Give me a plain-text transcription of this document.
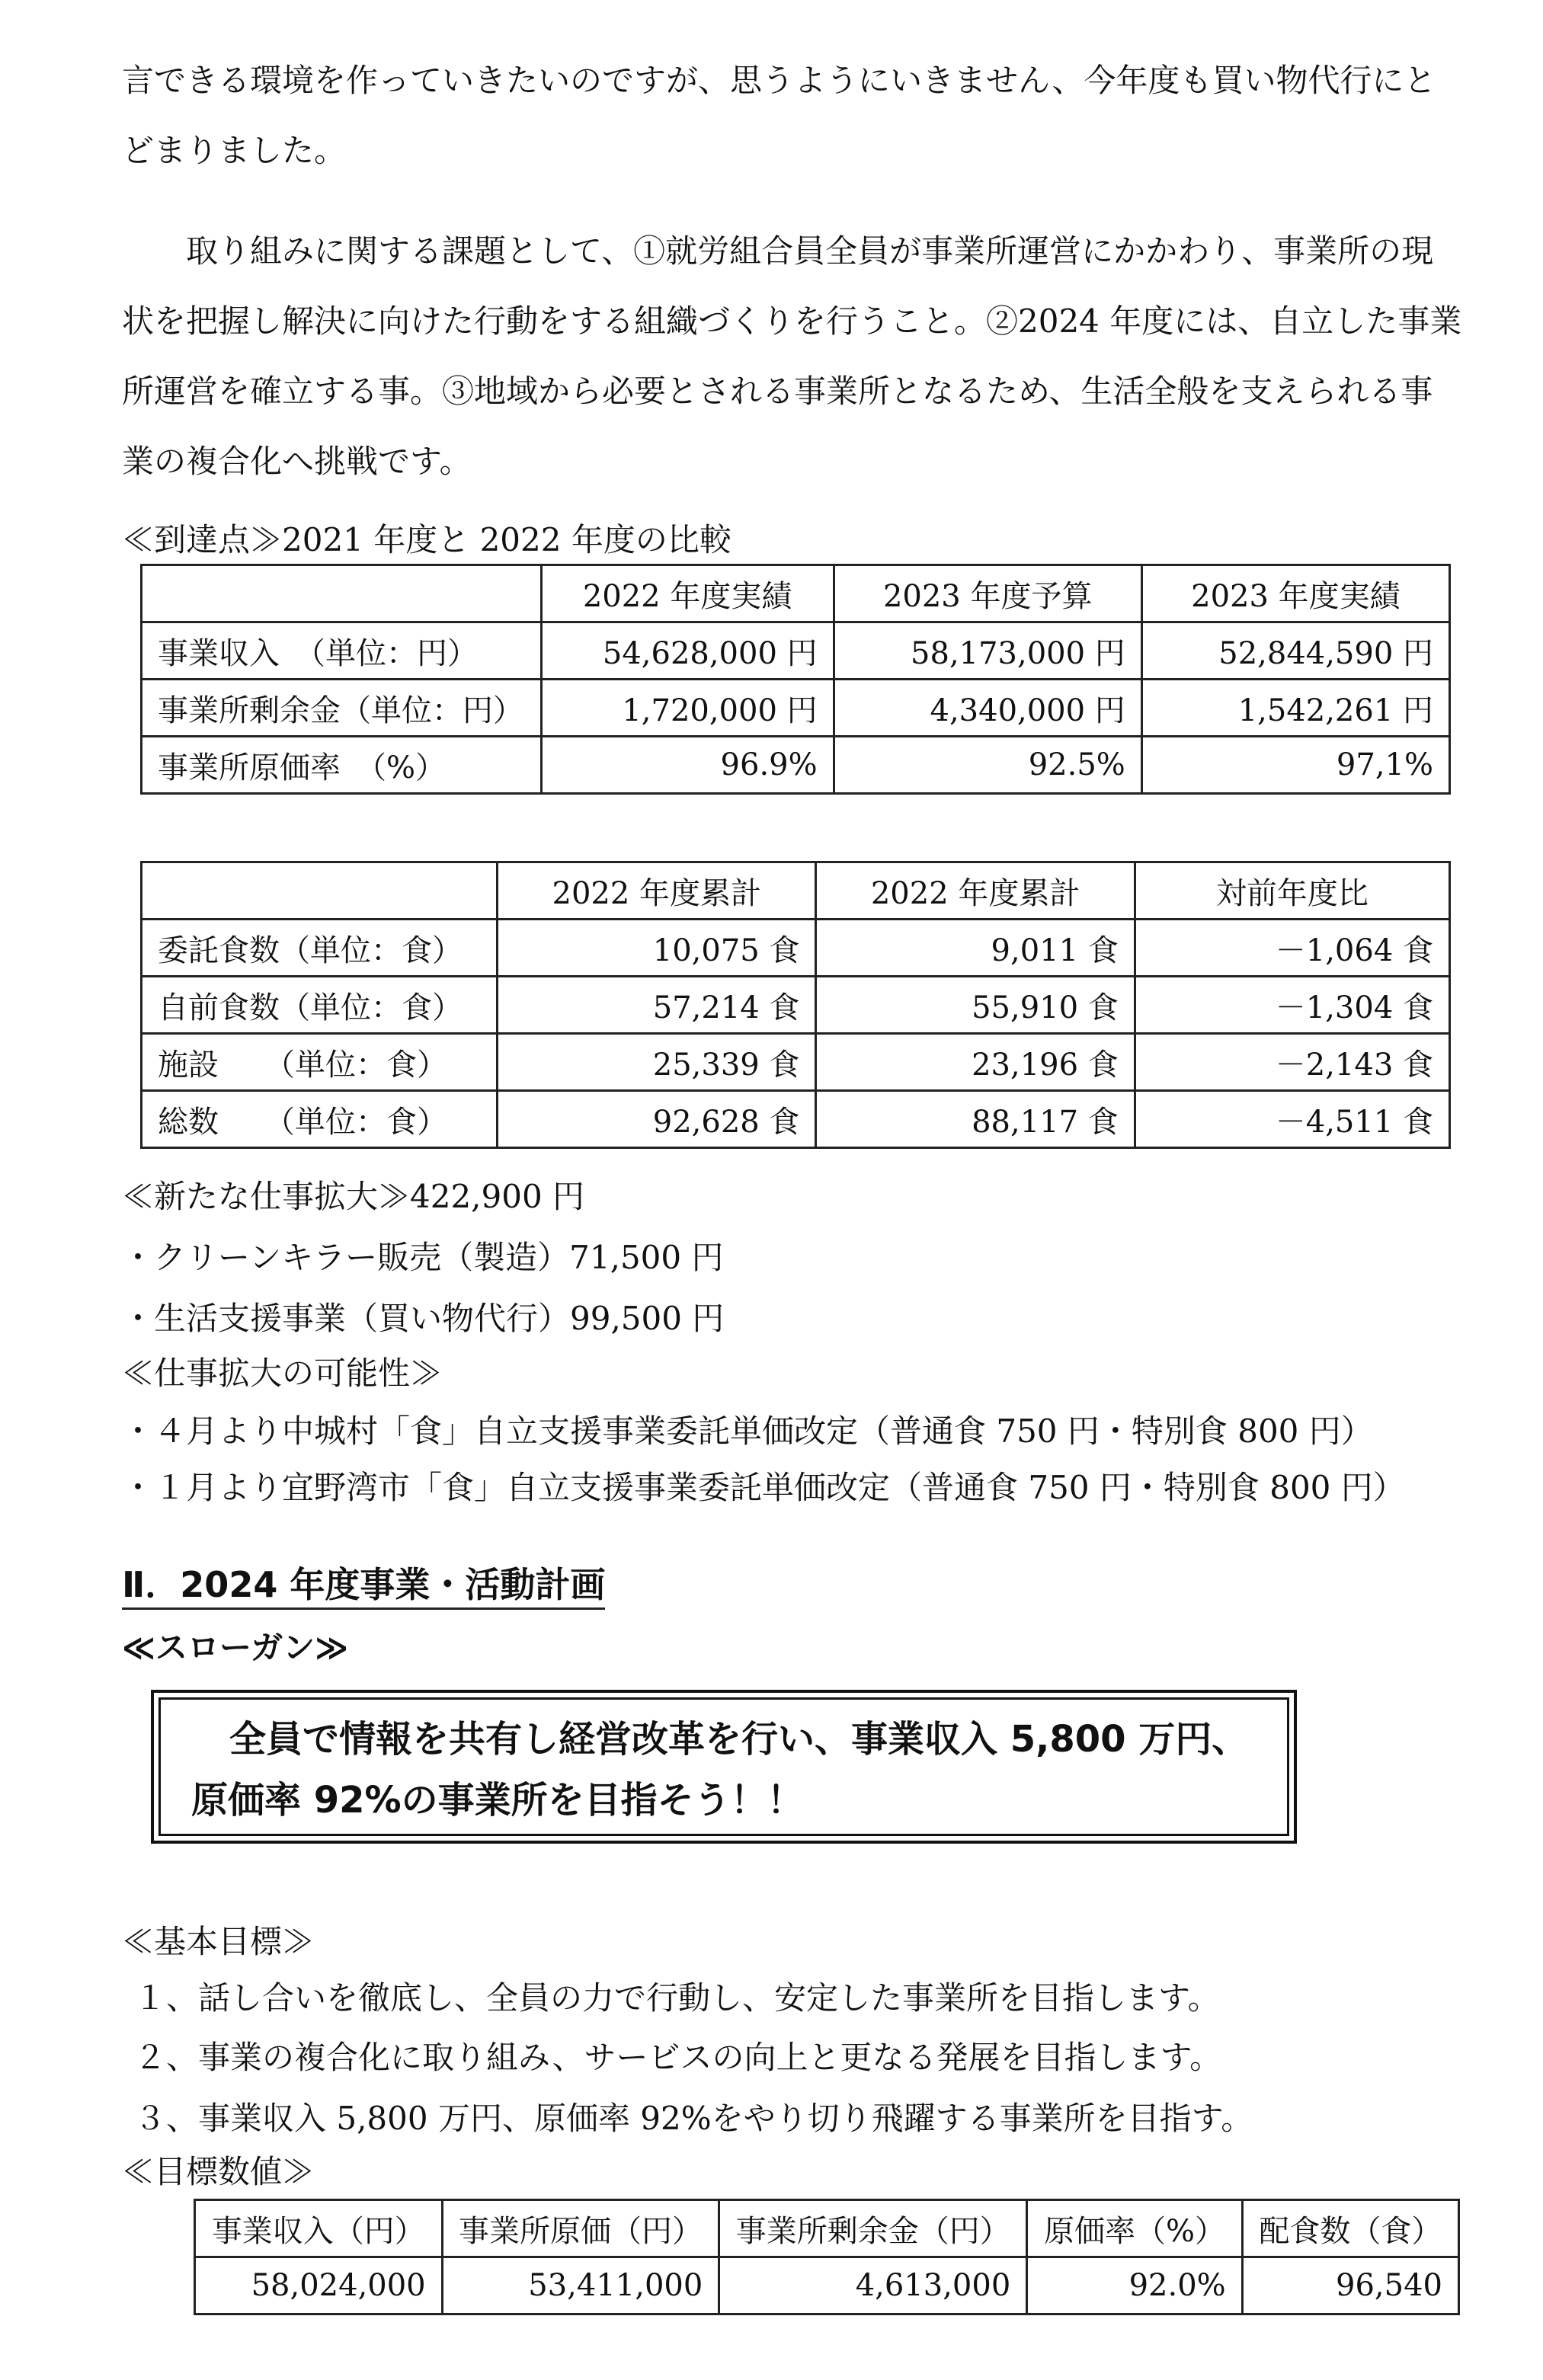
言できる環境を作っていきたいのですが、思うようにいきません、今年度も買い物代行にとどまりました。

取り組みに関する課題として、①就労組合員全員が事業所運営にかかわり、事業所の現状を把握し解決に向けた行動をする組織づくりを行うこと。②2024 年度には、自立した事業所運営を確立する事。③地域から必要とされる事業所となるため、生活全般を支えられる事業の複合化へ挑戦です。

≪到達点≫2021 年度と 2022 年度の比較
	2022 年度実績	2023 年度予算	2023 年度実績
事業収入　（単位：円）	54,628,000 円	58,173,000 円	52,844,590 円
事業所剰余金（単位：円）	1,720,000 円	4,340,000 円	1,542,261 円
事業所原価率　（%）	96.9%	92.5%	97,1%
	2022 年度累計	2022 年度累計	対前年度比
委託食数（単位：食）	10,075 食	9,011 食	－1,064 食
自前食数（単位：食）	57,214 食	55,910 食	－1,304 食
施設　　（単位：食）	25,339 食	23,196 食	－2,143 食
総数　　（単位：食）	92,628 食	88,117 食	－4,511 食
≪新たな仕事拡大≫422,900 円
・クリーンキラー販売（製造）71,500 円
・生活支援事業（買い物代行）99,500 円
≪仕事拡大の可能性≫
・４月より中城村「食」自立支援事業委託単価改定（普通食 750 円・特別食 800 円）
・１月より宜野湾市「食」自立支援事業委託単価改定（普通食 750 円・特別食 800 円）
Ⅱ．2024 年度事業・活動計画
≪スローガン≫
全員で情報を共有し経営改革を行い、事業収入 5,800 万円、原価率 92%の事業所を目指そう！！
≪基本目標≫
１、話し合いを徹底し、全員の力で行動し、安定した事業所を目指します。
２、事業の複合化に取り組み、サービスの向上と更なる発展を目指します。
３、事業収入 5,800 万円、原価率 92%をやり切り飛躍する事業所を目指す。
≪目標数値≫
事業収入（円）	事業所原価（円）	事業所剰余金（円）	原価率（%）	配食数（食）
58,024,000	53,411,000	4,613,000	92.0%	96,540
